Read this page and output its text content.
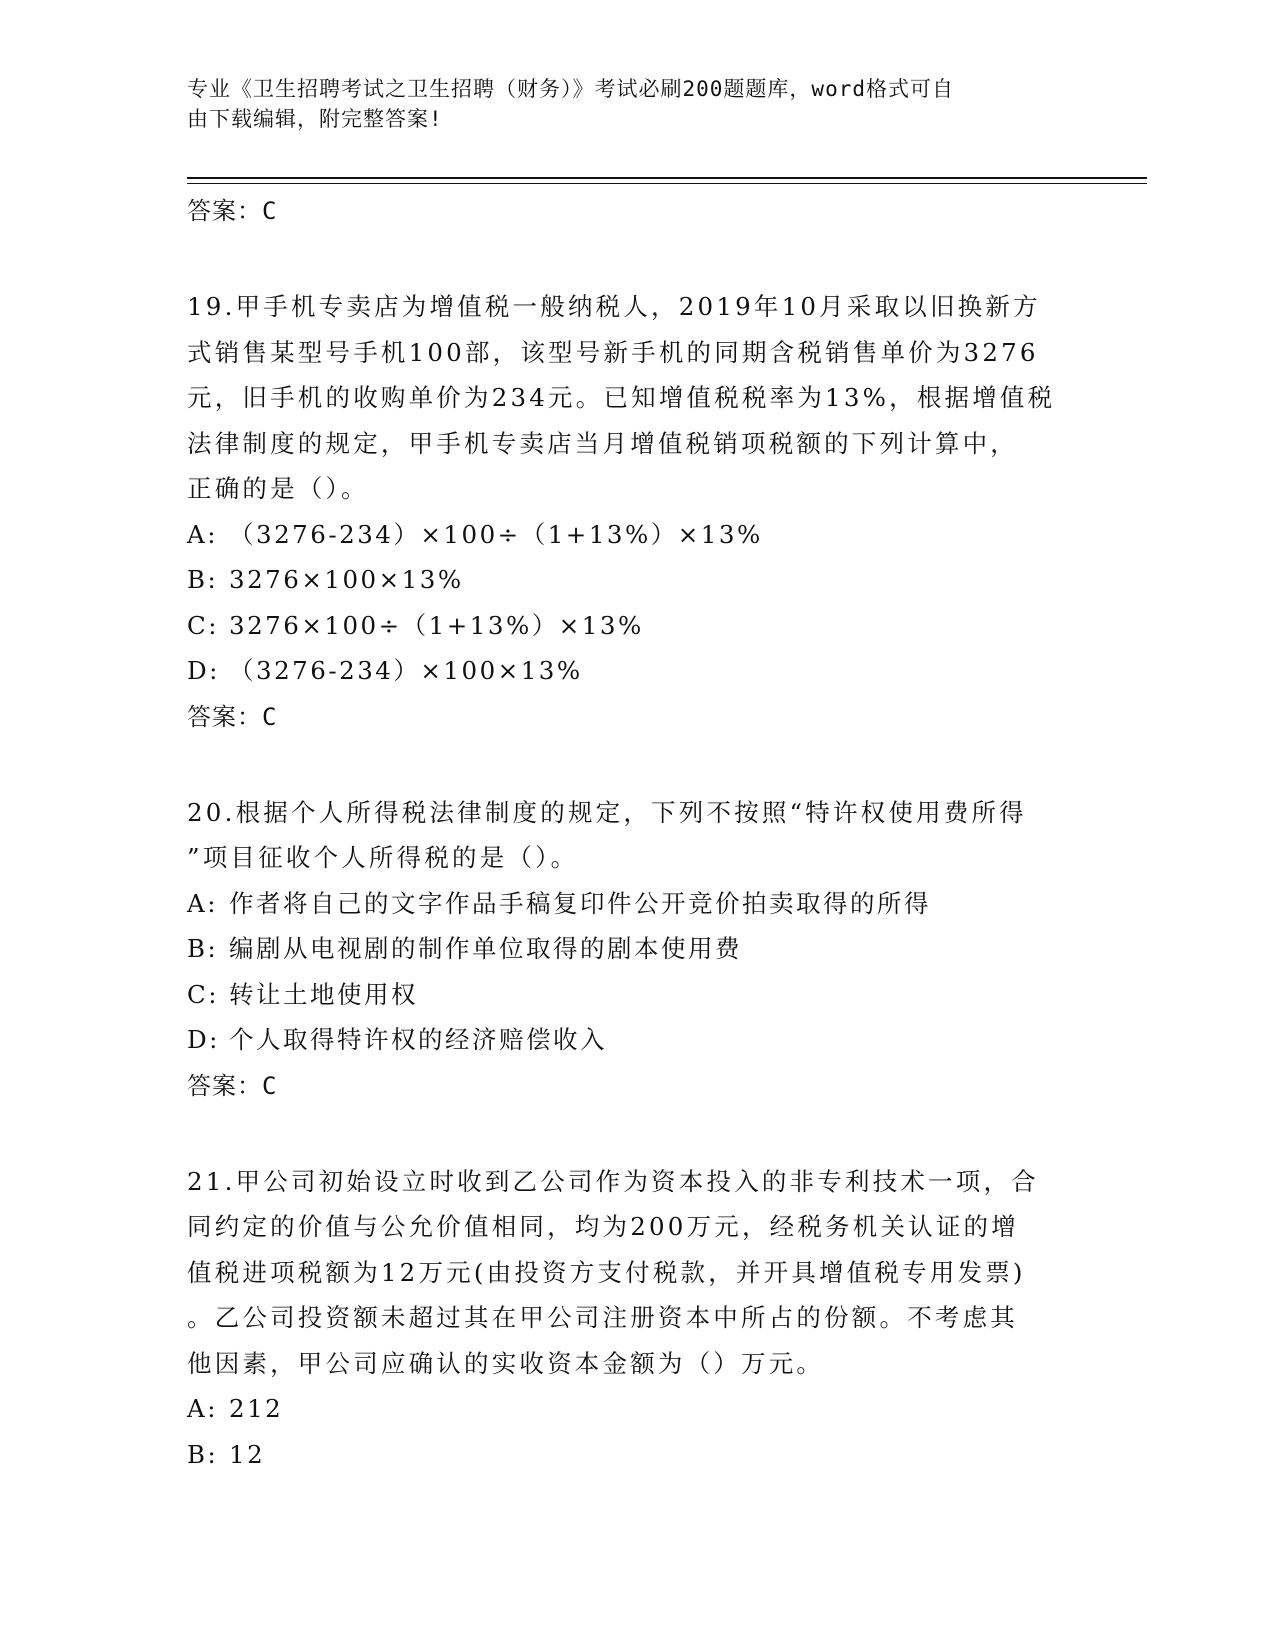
专业《卫生招聘考试之卫生招聘（财务）》考试必刷200题题库，word格式可自
由下载编辑，附完整答案!
答案：C
19.甲手机专卖店为增值税一般纳税人，2019年10月采取以旧换新方
式销售某型号手机100部，该型号新手机的同期含税销售单价为3276
元，旧手机的收购单价为234元。已知增值税税率为13%，根据增值税
法律制度的规定，甲手机专卖店当月增值税销项税额的下列计算中，
正确的是（）。
A: （3276-234）×100÷（1+13%）×13%
B: 3276×100×13%
C: 3276×100÷（1+13%）×13%
D: （3276-234）×100×13%
答案：C
20.根据个人所得税法律制度的规定，下列不按照“特许权使用费所得
”项目征收个人所得税的是（）。
A: 作者将自己的文字作品手稿复印件公开竞价拍卖取得的所得
B: 编剧从电视剧的制作单位取得的剧本使用费
C: 转让土地使用权
D: 个人取得特许权的经济赔偿收入
答案：C
21.甲公司初始设立时收到乙公司作为资本投入的非专利技术一项，合
同约定的价值与公允价值相同，均为200万元，经税务机关认证的增
值税进项税额为12万元(由投资方支付税款，并开具增值税专用发票)
。乙公司投资额未超过其在甲公司注册资本中所占的份额。不考虑其
他因素，甲公司应确认的实收资本金额为（）万元。
A: 212
B: 12
